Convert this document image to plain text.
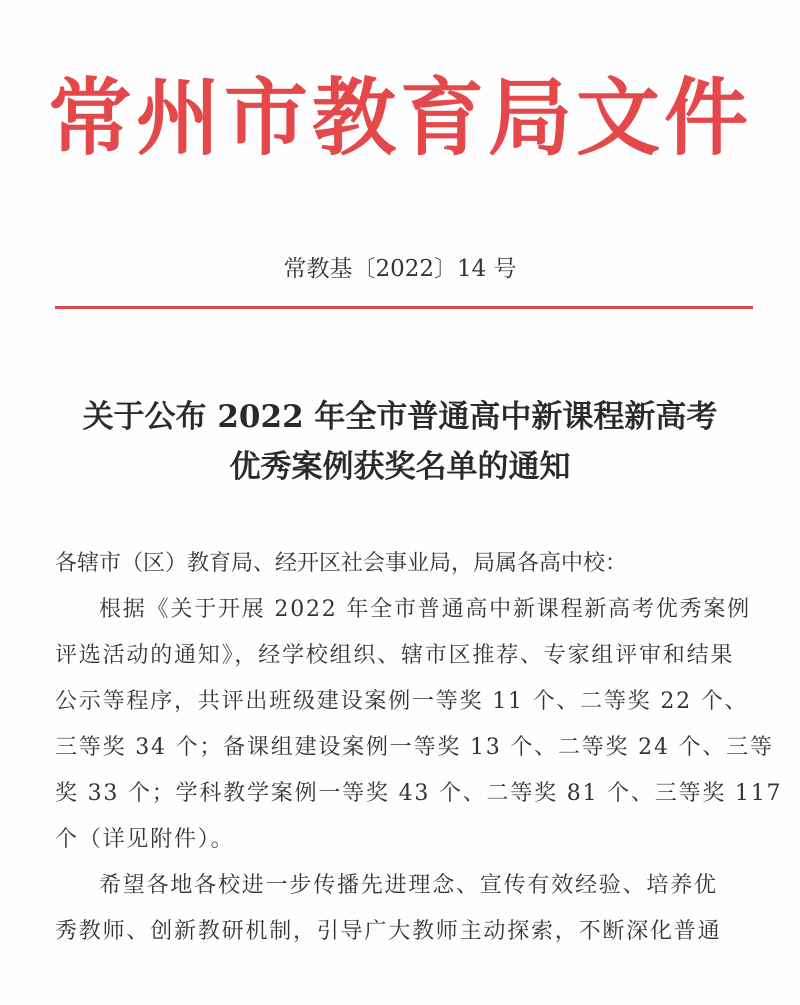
常州市教育局文件
常教基〔2022〕14 号
关于公布 2022 年全市普通高中新课程新高考
优秀案例获奖名单的通知
各辖市（区）教育局、经开区社会事业局，局属各高中校：
根据《关于开展 2022 年全市普通高中新课程新高考优秀案例
评选活动的通知》，经学校组织、辖市区推荐、专家组评审和结果
公示等程序，共评出班级建设案例一等奖 11 个、二等奖 22 个、
三等奖 34 个；备课组建设案例一等奖 13 个、二等奖 24 个、三等
奖 33 个；学科教学案例一等奖 43 个、二等奖 81 个、三等奖 117
个（详见附件）。
希望各地各校进一步传播先进理念、宣传有效经验、培养优
秀教师、创新教研机制，引导广大教师主动探索，不断深化普通
